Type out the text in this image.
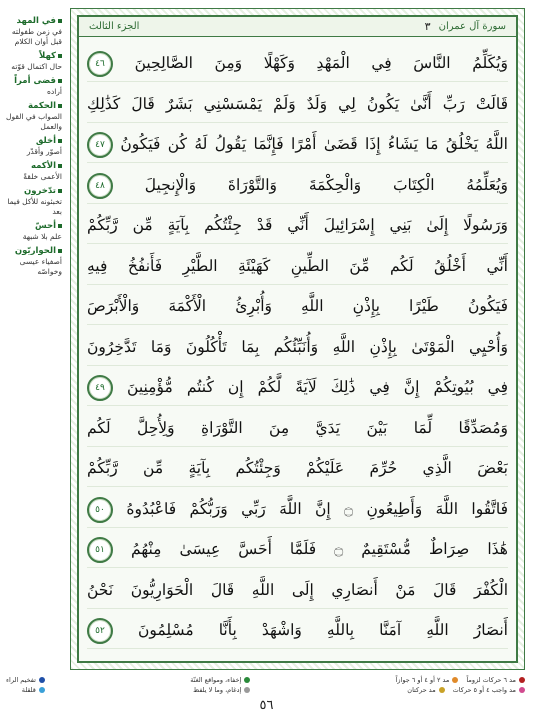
في المهد
في زمن طفولته قبل أوان الكلام
كهلاً
حال اكتمال قوّته
قضى أمراً
أراده
الحكمة
الصواب في القول والعمل
أخلق
أصوّر وأقدّر
الأكمه
الأعمى خلقةً
تدّخرون
تخبئونه للأكل فيما بعد
أحسّ
علم بلا شبهة
الحواريّون
أصفياء عيسى وخواصّه
الجزء الثالث	سورة آل عمران
٣
وَيُكَلِّمُ النَّاسَ فِي الْمَهْدِ وَكَهْلًا وَمِنَ الصَّالِحِينَ ٤٦
قَالَتْ رَبِّ أَنَّىٰ يَكُونُ لِي وَلَدٌ وَلَمْ يَمْسَسْنِي بَشَرٌ قَالَ كَذَٰلِكِ
اللَّهُ يَخْلُقُ مَا يَشَاءُ إِذَا قَضَىٰ أَمْرًا فَإِنَّمَا يَقُولُ لَهُ كُن فَيَكُونُ ٤٧
وَيُعَلِّمُهُ الْكِتَابَ وَالْحِكْمَةَ وَالتَّوْرَاةَ وَالْإِنجِيلَ ٤٨
وَرَسُولًا إِلَىٰ بَنِي إِسْرَائِيلَ أَنِّي قَدْ جِئْتُكُم بِآيَةٍ مِّن رَّبِّكُمْ
أَنِّي أَخْلُقُ لَكُم مِّنَ الطِّينِ كَهَيْئَةِ الطَّيْرِ فَأَنفُخُ فِيهِ
فَيَكُونُ طَيْرًا بِإِذْنِ اللَّهِ وَأُبْرِئُ الْأَكْمَهَ وَالْأَبْرَصَ
وَأُحْيِي الْمَوْتَىٰ بِإِذْنِ اللَّهِ وَأُنَبِّئُكُم بِمَا تَأْكُلُونَ وَمَا تَدَّخِرُونَ
فِي بُيُوتِكُمْ إِنَّ فِي ذَٰلِكَ لَآيَةً لَّكُمْ إِن كُنتُم مُّؤْمِنِينَ ٤٩
وَمُصَدِّقًا لِّمَا بَيْنَ يَدَيَّ مِنَ التَّوْرَاةِ وَلِأُحِلَّ لَكُم
بَعْضَ الَّذِي حُرِّمَ عَلَيْكُمْ وَجِئْتُكُم بِآيَةٍ مِّن رَّبِّكُمْ
فَاتَّقُوا اللَّهَ وَأَطِيعُونِ ۝ إِنَّ اللَّهَ رَبِّي وَرَبُّكُمْ فَاعْبُدُوهُ ٥٠
هَٰذَا صِرَاطٌ مُّسْتَقِيمٌ ۝ فَلَمَّا أَحَسَّ عِيسَىٰ مِنْهُمُ ٥١
الْكُفْرَ قَالَ مَنْ أَنصَارِي إِلَى اللَّهِ قَالَ الْحَوَارِيُّونَ نَحْنُ
أَنصَارُ اللَّهِ آمَنَّا بِاللَّهِ وَاشْهَدْ بِأَنَّا مُسْلِمُونَ ٥٢
مد ٦ حركات لزوماً
مد ٢ أو ٤ أو ٦ جوازاً
مد واجب ٤ أو ٥ حركات
مد حركتان
إخفاء، ومواقع الغنّة
إدغام، وما لا يلفظ
تفخيم الراء
قلقلة
٥٦
